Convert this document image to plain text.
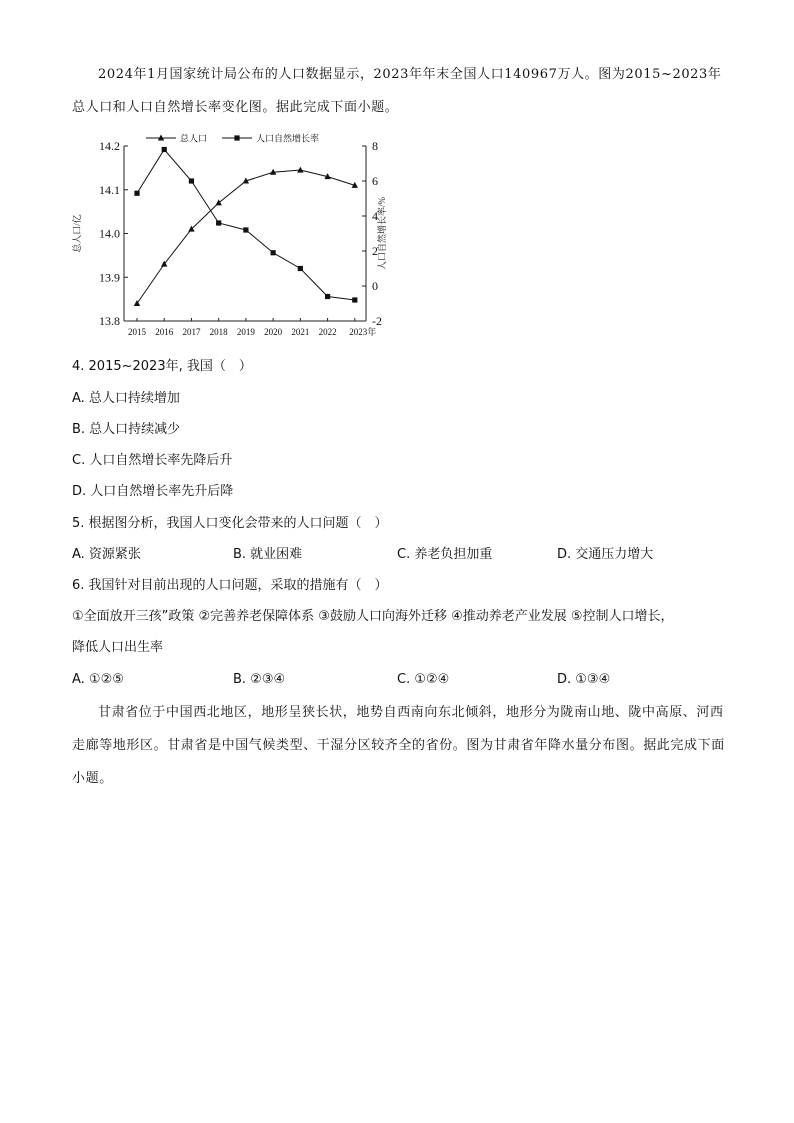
2024年1月国家统计局公布的人口数据显示，2023年年末全国人口140967万人。图为2015~2023年总人口和人口自然增长率变化图。据此完成下面小题。

13.8
13.9
14.0
14.1
14.2
-2
0
2
4
6
8
2015 2016 2017 2018 2019 2020 2021 2022 2023年
总人口/亿	人口自然增长率/%
总人口	人口自然增长率
4. 2015~2023年, 我国（　）
A. 总人口持续增加
B. 总人口持续减少
C. 人口自然增长率先降后升
D. 人口自然增长率先升后降
5. 根据图分析，我国人口变化会带来的人口问题（　）
A. 资源紧张	B. 就业困难	C. 养老负担加重	D. 交通压力增大
6. 我国针对目前出现的人口问题，采取的措施有（　）
①全面放开三孩”政策 ②完善养老保障体系 ③鼓励人口向海外迁移 ④推动养老产业发展 ⑤控制人口增长，
降低人口出生率
A. ①②⑤	B. ②③④	C. ①②④	D. ①③④

甘肃省位于中国西北地区，地形呈狭长状，地势自西南向东北倾斜，地形分为陇南山地、陇中高原、河西走廊等地形区。甘肃省是中国气候类型、干湿分区较齐全的省份。图为甘肃省年降水量分布图。据此完成下面小题。
